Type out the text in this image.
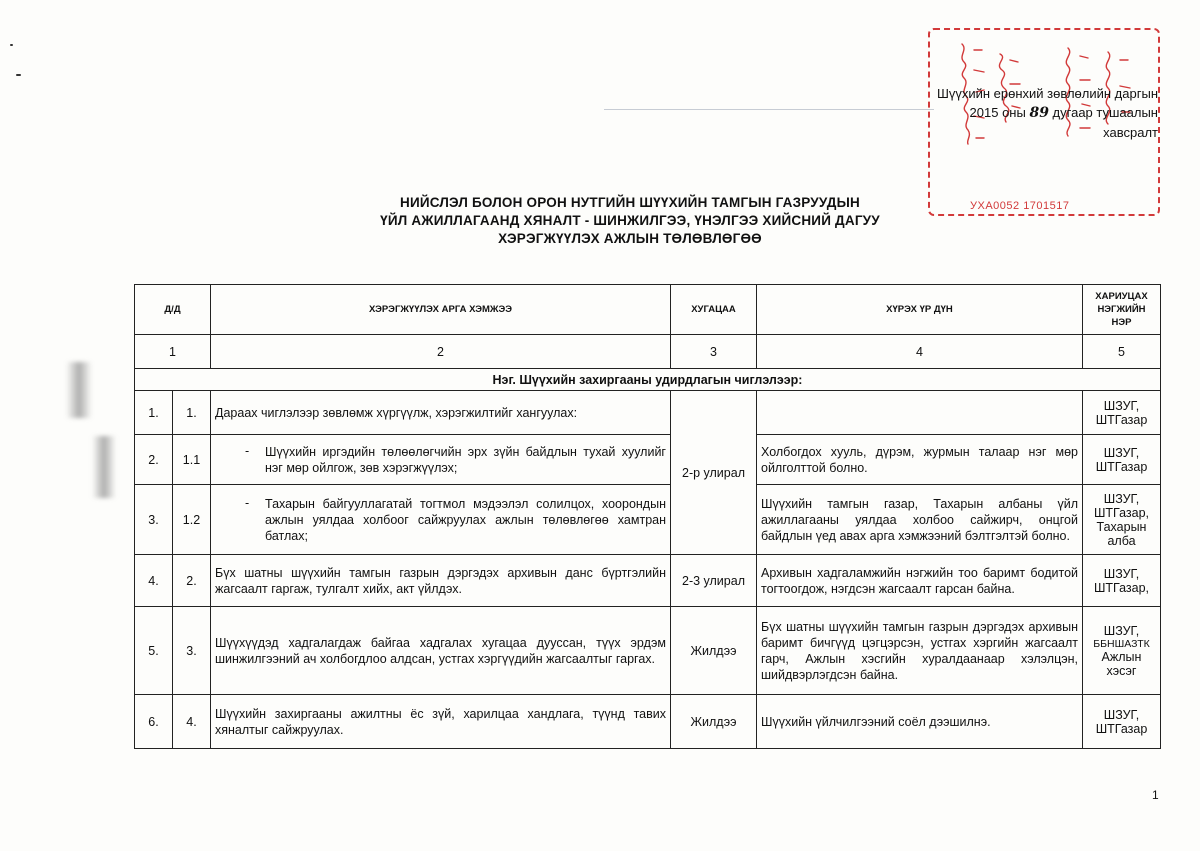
УХА0052 1701517
Шүүхийн ерөнхий зөвлөлийн даргын
2015 оны 89 дугаар тушаалын
хавсралт
НИЙСЛЭЛ БОЛОН ОРОН НУТГИЙН ШҮҮХИЙН ТАМГЫН ГАЗРУУДЫН
ҮЙЛ АЖИЛЛАГААНД ХЯНАЛТ - ШИНЖИЛГЭЭ, ҮНЭЛГЭЭ ХИЙСНИЙ ДАГУУ
ХЭРЭГЖҮҮЛЭХ АЖЛЫН ТӨЛӨВЛӨГӨӨ
Д/Д		ХЭРЭГЖҮҮЛЭХ АРГА ХЭМЖЭЭ	ХУГАЦАА	ХҮРЭХ ҮР ДҮН	ХАРИУЦАХ
НЭГЖИЙН
НЭР

1		2	3	4	5
Нэг. Шүүхийн захиргааны удирдлагын чиглэлээр:					
1.	1.	Дараах чиглэлээр зөвлөмж хүргүүлж, хэрэгжилтийг хангуулах:	2-р улирал		ШЗУГ, ШТГазар
2.	1.1	- Шүүхийн иргэдийн төлөөлөгчийн эрх зүйн байдлын тухай хуулийг нэг мөр ойлгож, зөв хэрэгжүүлэх;		Холбогдох хууль, дүрэм, журмын талаар нэг мөр ойлголттой болно.	ШЗУГ, ШТГазар
3.	1.2	- Тахарын байгууллагатай тогтмол мэдээлэл солилцох, хоорондын ажлын уялдаа холбоог сайжруулах ажлын төлөвлөгөө хамтран батлах;		Шүүхийн тамгын газар, Тахарын албаны үйл ажиллагааны уялдаа холбоо сайжирч, онцгой байдлын үед авах арга хэмжээний бэлтгэлтэй болно.	ШЗУГ, ШТГазар, Тахарын алба
4.	2.	Бүх шатны шүүхийн тамгын газрын дэргэдэх архивын данс бүртгэлийн жагсаалт гаргаж, тулгалт хийх, акт үйлдэх.	2-3 улирал	Архивын хадгаламжийн нэгжийн тоо баримт бодитой тогтоогдож, нэгдсэн жагсаалт гарсан байна.	ШЗУГ, ШТГазар,
5.	3.	Шүүхүүдэд хадгалагдаж байгаа хадгалах хугацаа дууссан, түүх эрдэм шинжилгээний ач холбогдлоо алдсан, устгах хэргүүдийн жагсаалтыг гаргах.	Жилдээ	Бүх шатны шүүхийн тамгын газрын дэргэдэх архивын баримт бичгүүд цэгцэрсэн, устгах хэргийн жагсаалт гарч, Ажлын хэсгийн хуралдаанаар хэлэлцэн, шийдвэрлэгдсэн байна.	ШЗУГ,
ББНШАЗТК
Ажлын хэсэг

6.	4.	Шүүхийн захиргааны ажилтны ёс зүй, харилцаа хандлага, түүнд тавих хяналтыг сайжруулах.	Жилдээ	Шүүхийн үйлчилгээний соёл дээшилнэ.	ШЗУГ, ШТГазар
1
